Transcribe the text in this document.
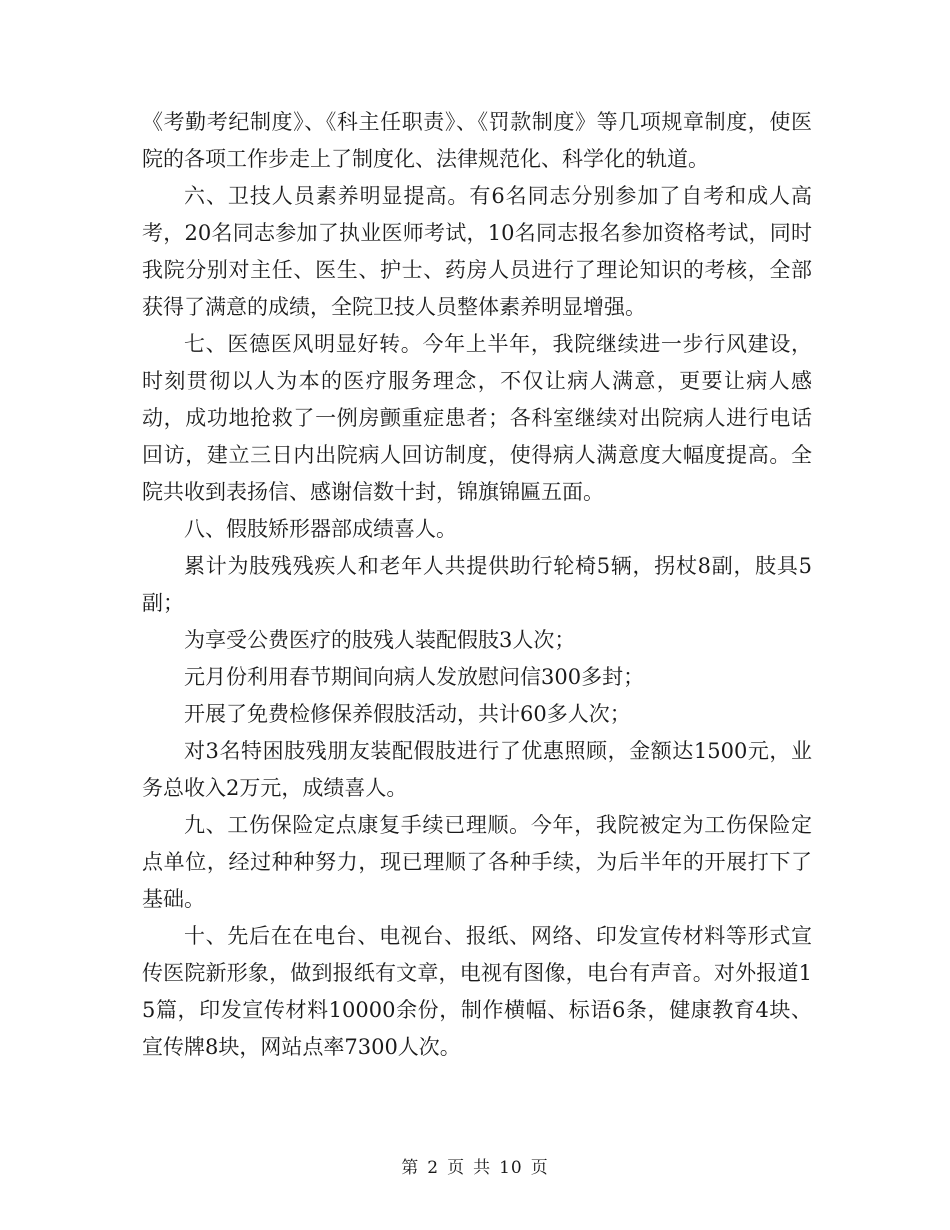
《考勤考纪制度》、《科主任职责》、《罚款制度》等几项规章制度，使医院的各项工作步走上了制度化、法律规范化、科学化的轨道。

六、卫技人员素养明显提高。有6名同志分别参加了自考和成人高考，20名同志参加了执业医师考试，10名同志报名参加资格考试，同时我院分别对主任、医生、护士、药房人员进行了理论知识的考核，全部获得了满意的成绩，全院卫技人员整体素养明显增强。

七、医德医风明显好转。今年上半年，我院继续进一步行风建设，时刻贯彻以人为本的医疗服务理念，不仅让病人满意，更要让病人感动，成功地抢救了一例房颤重症患者；各科室继续对出院病人进行电话回访，建立三日内出院病人回访制度，使得病人满意度大幅度提高。全院共收到表扬信、感谢信数十封，锦旗锦匾五面。

八、假肢矫形器部成绩喜人。

累计为肢残残疾人和老年人共提供助行轮椅5辆，拐杖8副，肢具5副；

为享受公费医疗的肢残人装配假肢3人次；

元月份利用春节期间向病人发放慰问信300多封；

开展了免费检修保养假肢活动，共计60多人次；

对3名特困肢残朋友装配假肢进行了优惠照顾，金额达1500元，业务总收入2万元，成绩喜人。

九、工伤保险定点康复手续已理顺。今年，我院被定为工伤保险定点单位，经过种种努力，现已理顺了各种手续，为后半年的开展打下了基础。

十、先后在在电台、电视台、报纸、网络、印发宣传材料等形式宣传医院新形象，做到报纸有文章，电视有图像，电台有声音。对外报道15篇，印发宣传材料10000余份，制作横幅、标语6条，健康教育4块、宣传牌8块，网站点率7300人次。

第 2 页 共 10 页
